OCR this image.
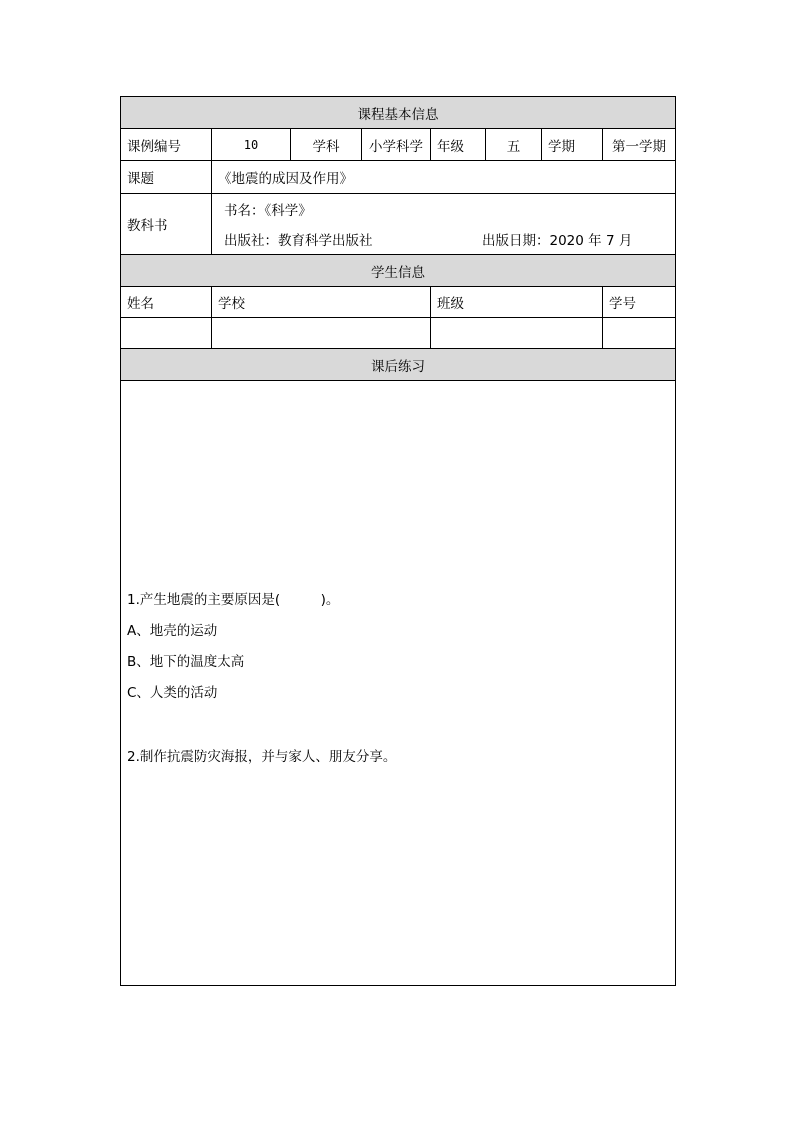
课程基本信息							
课例编号	10	学科	小学科学	年级	五	学期	第一学期
课题	《地震的成因及作用》						
教科书	书名：《科学》
出版社：教育科学出版社 出版日期：2020 年 7 月						

学生信息							
姓名	学校			班级			学号

课后练习							

1.产生地震的主要原因是(　　　)。
A、地壳的运动
B、地下的温度太高
C、人类的活动
2.制作抗震防灾海报，并与家人、朋友分享。							
